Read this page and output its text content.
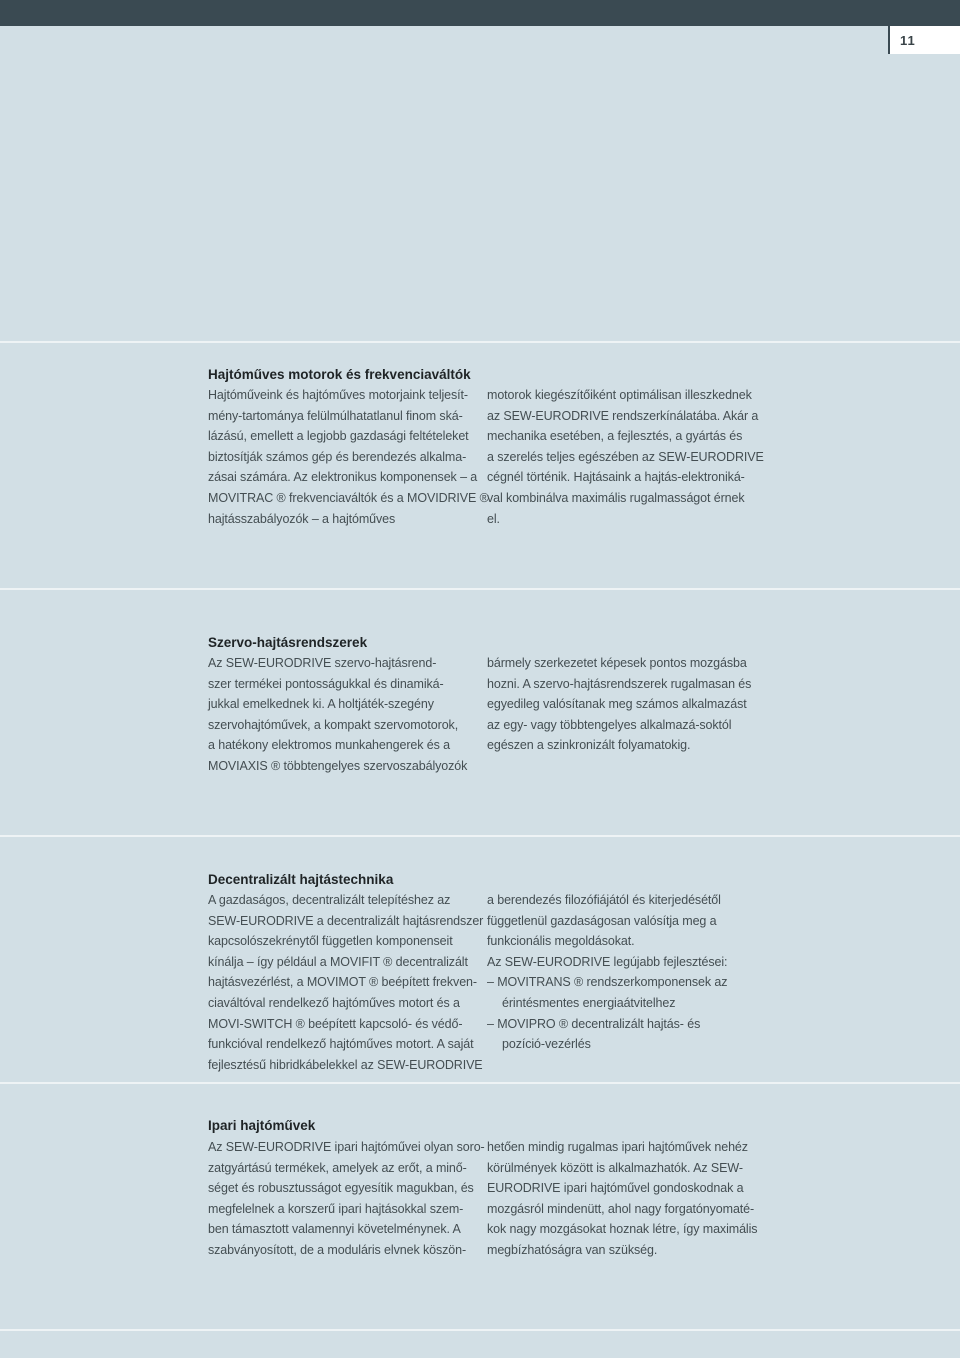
11
Hajtóműves motorok és frekvenciaváltók
Hajtóműveink és hajtóműves motorjaink teljesít-
mény-tartománya felülmúlhatatlanul finom ská-
lázású, emellett a legjobb gazdasági feltételeket
biztosítják számos gép és berendezés alkalma-
zásai számára. Az elektronikus komponensek – a
MOVITRAC ® frekvenciaváltók és a MOVIDRIVE ®
hajtásszabályozók – a hajtóműves
motorok kiegészítőiként optimálisan illeszkednek
az SEW-EURODRIVE rendszerkínálatába. Akár a
mechanika esetében, a fejlesztés, a gyártás és
a szerelés teljes egészében az SEW-EURODRIVE
cégnél történik. Hajtásaink a hajtás-elektroniká-
val kombinálva maximális rugalmasságot érnek
el.
Szervo-hajtásrendszerek
Az SEW-EURODRIVE szervo-hajtásrend-
szer termékei pontosságukkal és dinamiká-
jukkal emelkednek ki. A holtjáték-szegény
szervohajtóművek, a kompakt szervomotorok,
a hatékony elektromos munkahengerek és a
MOVIAXIS ® többtengelyes szervoszabályozók
bármely szerkezetet képesek pontos mozgásba
hozni. A szervo-hajtásrendszerek rugalmasan és
egyedileg valósítanak meg számos alkalmazást
az egy- vagy többtengelyes alkalmazá-soktól
egészen a szinkronizált folyamatokig.
Decentralizált hajtástechnika
A gazdaságos, decentralizált telepítéshez az
SEW-EURODRIVE a decentralizált hajtásrendszer
kapcsolószekrénytől független komponenseit
kínálja – így például a MOVIFIT ® decentralizált
hajtásvezérlést, a MOVIMOT ® beépített frekven-
ciaváltóval rendelkező hajtóműves motort és a
MOVI-SWITCH ® beépített kapcsoló- és védő-
funkcióval rendelkező hajtóműves motort. A saját
fejlesztésű hibridkábelekkel az SEW-EURODRIVE
a berendezés filozófiájától és kiterjedésétől
függetlenül gazdaságosan valósítja meg a
funkcionális megoldásokat.
Az SEW-EURODRIVE legújabb fejlesztései:
– MOVITRANS ® rendszerkomponensek az
érintésmentes energiaátvitelhez
– MOVIPRO ® decentralizált hajtás- és
pozíció-vezérlés
Ipari hajtóművek
Az SEW-EURODRIVE ipari hajtóművei olyan soro-
zatgyártású termékek, amelyek az erőt, a minő-
séget és robusztusságot egyesítik magukban, és
megfelelnek a korszerű ipari hajtásokkal szem-
ben támasztott valamennyi követelménynek. A
szabványosított, de a moduláris elvnek köszön-
hetően mindig rugalmas ipari hajtóművek nehéz
körülmények között is alkalmazhatók. Az SEW-
EURODRIVE ipari hajtóművel gondoskodnak a
mozgásról mindenütt, ahol nagy forgatónyomaté-
kok nagy mozgásokat hoznak létre, így maximális
megbízhatóságra van szükség.
